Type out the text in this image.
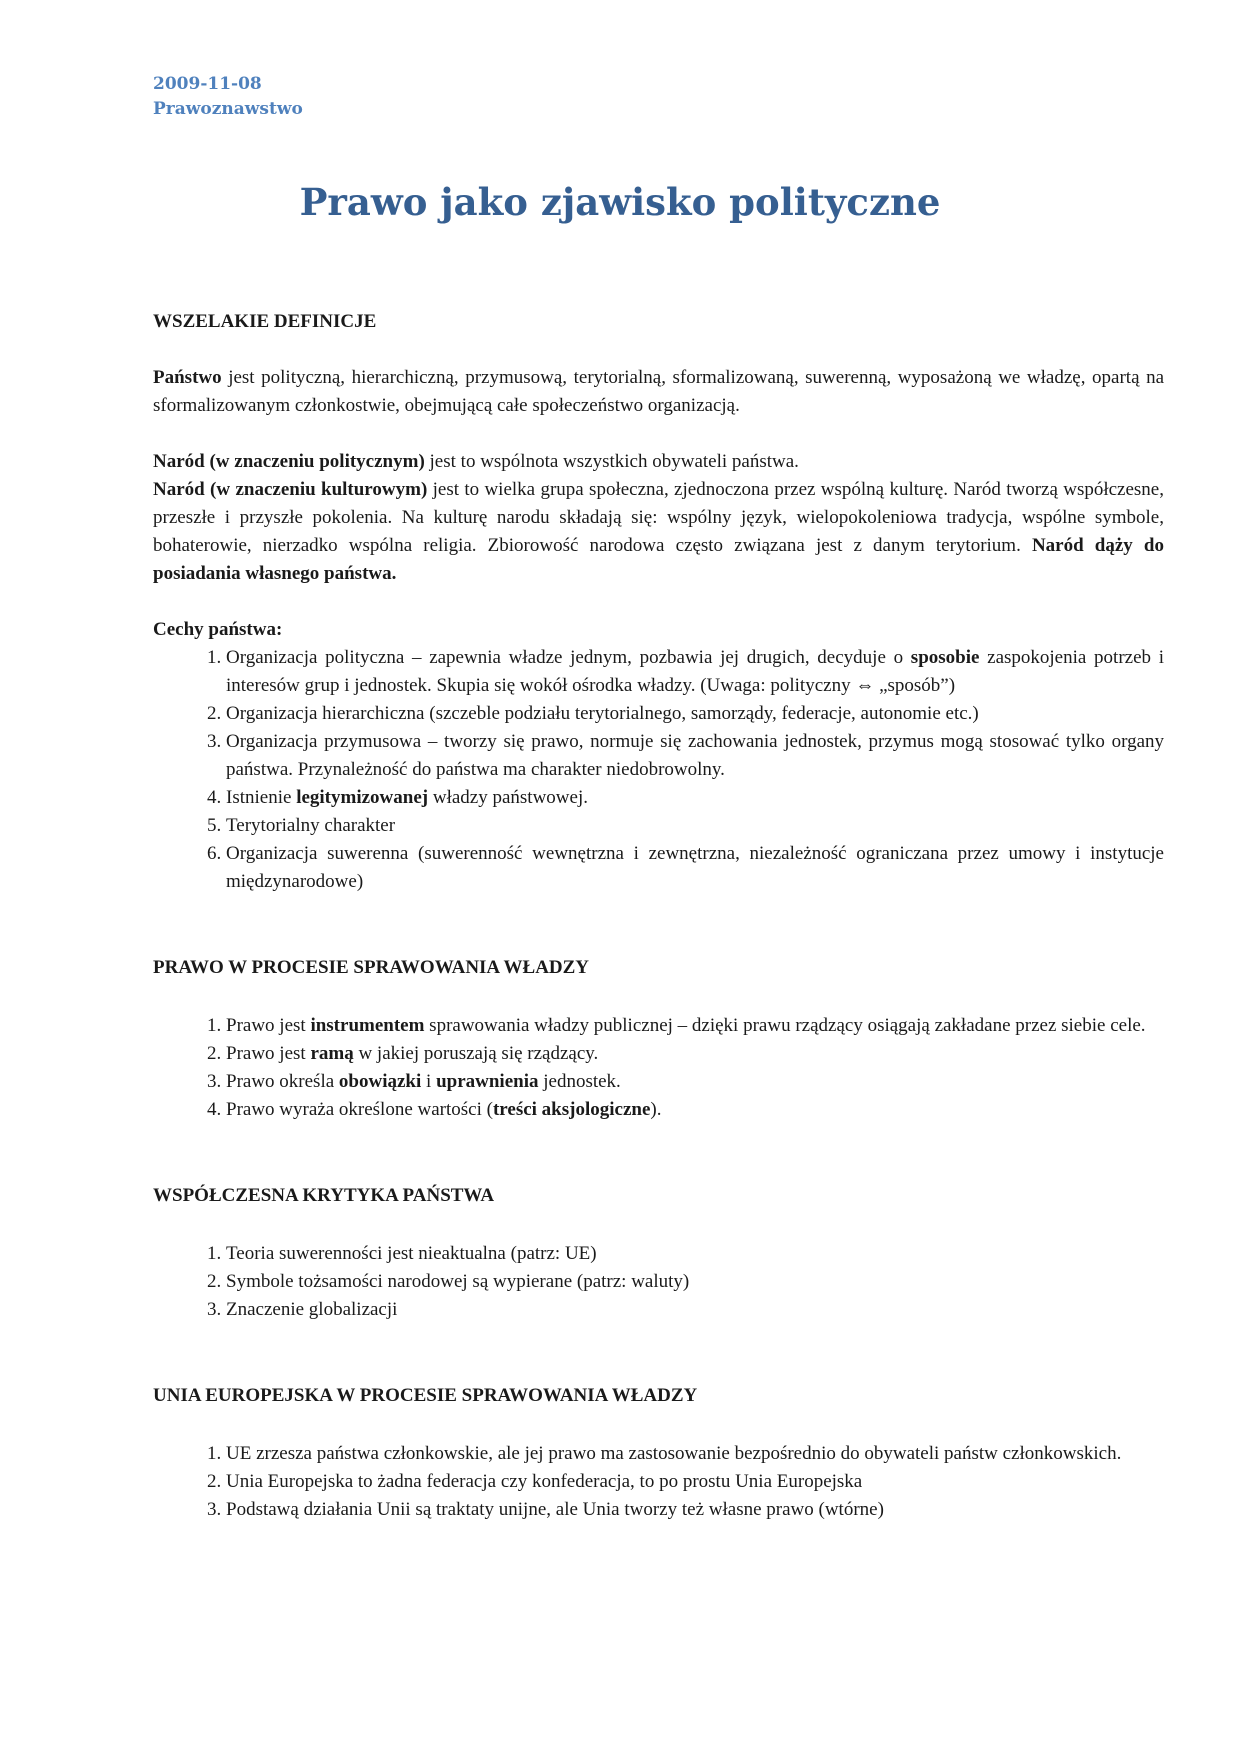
2009-11-08
Prawoznawstwo
Prawo jako zjawisko polityczne

WSZELAKIE DEFINICJE

Państwo jest polityczną, hierarchiczną, przymusową, terytorialną, sformalizowaną, suwerenną, wyposażoną we władzę, opartą na sformalizowanym członkostwie, obejmującą całe społeczeństwo organizacją.

Naród (w znaczeniu politycznym) jest to wspólnota wszystkich obywateli państwa.

Naród (w znaczeniu kulturowym) jest to wielka grupa społeczna, zjednoczona przez wspólną kulturę. Naród tworzą współczesne, przeszłe i przyszłe pokolenia. Na kulturę narodu składają się: wspólny język, wielopokoleniowa tradycja, wspólne symbole, bohaterowie, nierzadko wspólna religia. Zbiorowość narodowa często związana jest z danym terytorium. Naród dąży do posiadania własnego państwa.

Cechy państwa:

1. Organizacja polityczna – zapewnia władze jednym, pozbawia jej drugich, decyduje o sposobie zaspokojenia potrzeb i interesów grup i jednostek. Skupia się wokół ośrodka władzy. (Uwaga: polityczny ⇔ „sposób”)
2. Organizacja hierarchiczna (szczeble podziału terytorialnego, samorządy, federacje, autonomie etc.)
3. Organizacja przymusowa – tworzy się prawo, normuje się zachowania jednostek, przymus mogą stosować tylko organy państwa. Przynależność do państwa ma charakter niedobrowolny.
4. Istnienie legitymizowanej władzy państwowej.
5. Terytorialny charakter
6. Organizacja suwerenna (suwerenność wewnętrzna i zewnętrzna, niezależność ograniczana przez umowy i instytucje międzynarodowe)

PRAWO W PROCESIE SPRAWOWANIA WŁADZY

1. Prawo jest instrumentem sprawowania władzy publicznej – dzięki prawu rządzący osiągają zakładane przez siebie cele.
2. Prawo jest ramą w jakiej poruszają się rządzący.
3. Prawo określa obowiązki i uprawnienia jednostek.
4. Prawo wyraża określone wartości (treści aksjologiczne).

WSPÓŁCZESNA KRYTYKA PAŃSTWA

1. Teoria suwerenności jest nieaktualna (patrz: UE)
2. Symbole tożsamości narodowej są wypierane (patrz: waluty)
3. Znaczenie globalizacji

UNIA EUROPEJSKA W PROCESIE SPRAWOWANIA WŁADZY

1. UE zrzesza państwa członkowskie, ale jej prawo ma zastosowanie bezpośrednio do obywateli państw członkowskich.
2. Unia Europejska to żadna federacja czy konfederacja, to po prostu Unia Europejska
3. Podstawą działania Unii są traktaty unijne, ale Unia tworzy też własne prawo (wtórne)
